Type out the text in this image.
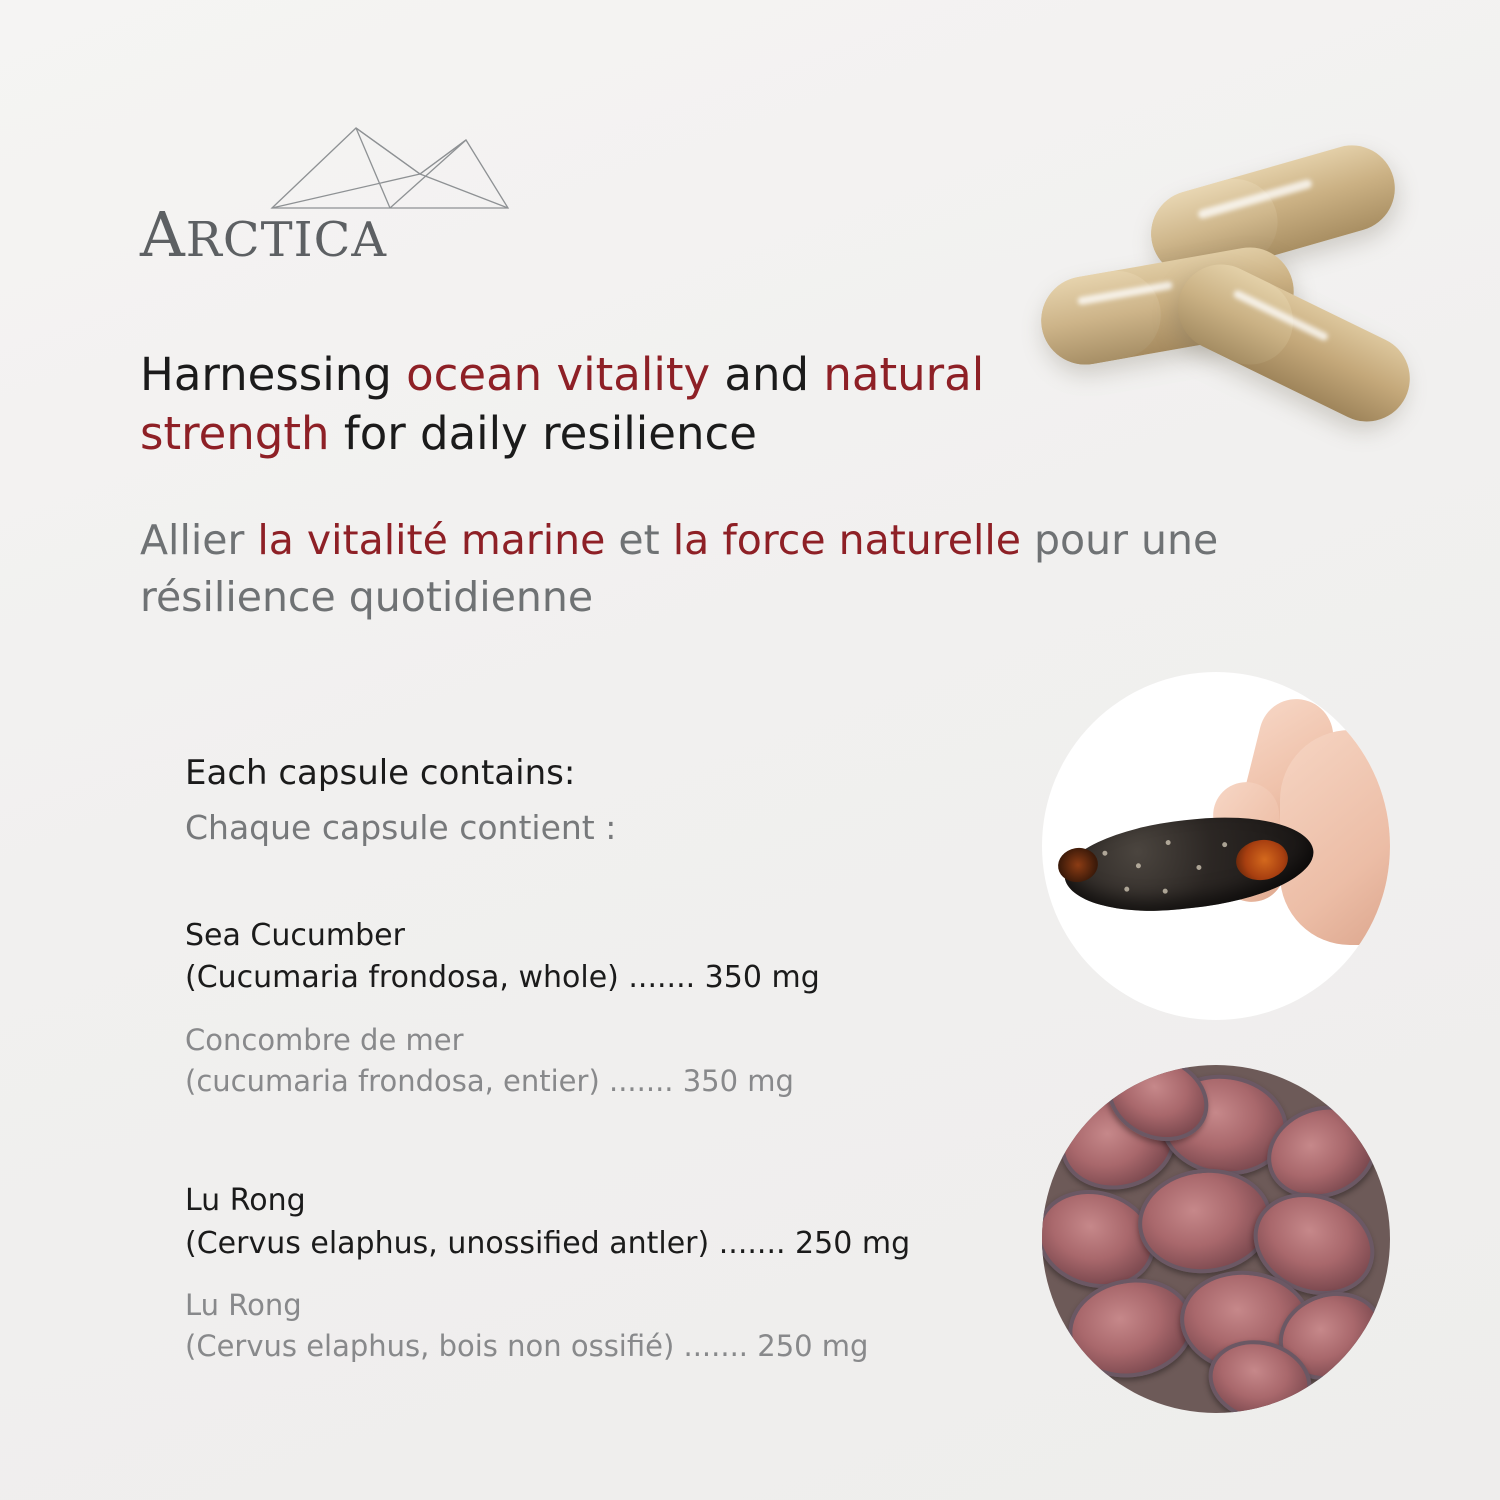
ARCTICA
Harnessing ocean vitality and natural strength for daily resilience
Allier la vitalité marine et la force naturelle pour une résilience quotidienne
Each capsule contains:
Chaque capsule contient :
Sea Cucumber
(Cucumaria frondosa, whole) ....... 350 mg
Concombre de mer
(cucumaria frondosa, entier) ....... 350 mg
Lu Rong
(Cervus elaphus, unossified antler) ....... 250 mg
Lu Rong
(Cervus elaphus, bois non ossifié) ....... 250 mg
